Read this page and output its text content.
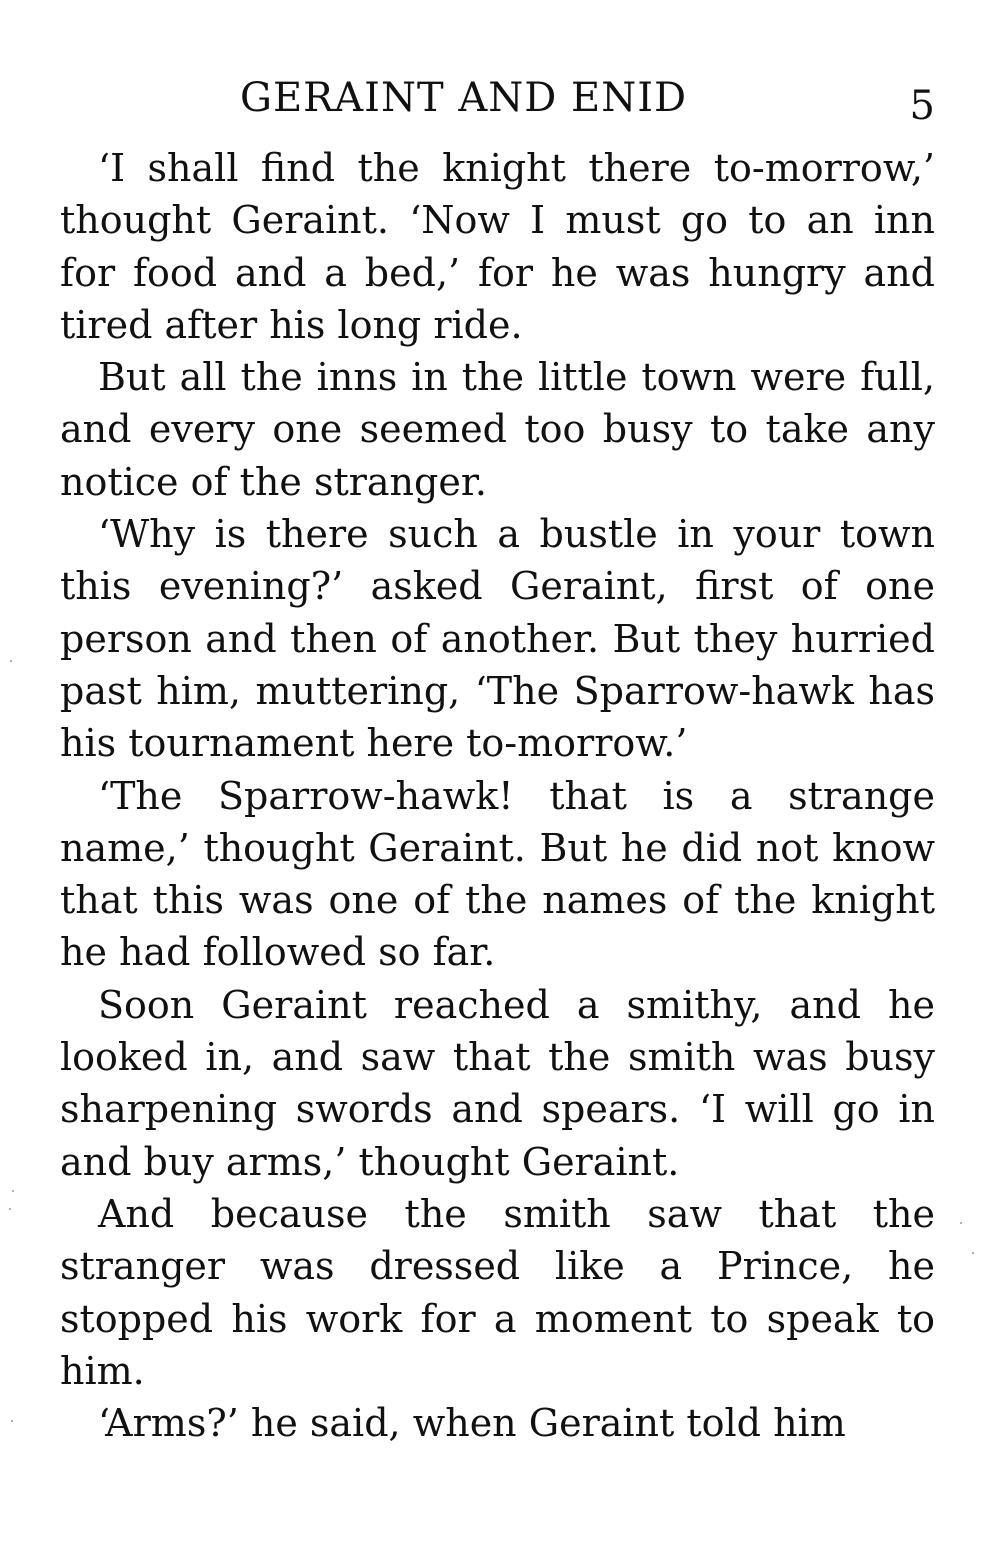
GERAINT AND ENID	5

‘I shall find the knight there to-morrow,’ thought Geraint. ‘Now I must go to an inn for food and a bed,’ for he was hungry and tired after his long ride.

But all the inns in the little town were full, and every one seemed too busy to take any notice of the stranger.

‘Why is there such a bustle in your town this evening?’ asked Geraint, first of one person and then of another. But they hurried past him, muttering, ‘The Sparrow-hawk has his tournament here to-morrow.’

‘The Sparrow-hawk! that is a strange name,’ thought Geraint. But he did not know that this was one of the names of the knight he had followed so far.

Soon Geraint reached a smithy, and he looked in, and saw that the smith was busy sharpening swords and spears. ‘I will go in and buy arms,’ thought Geraint.

And because the smith saw that the stranger was dressed like a Prince, he stopped his work for a moment to speak to him.

‘Arms?’ he said, when Geraint told him
